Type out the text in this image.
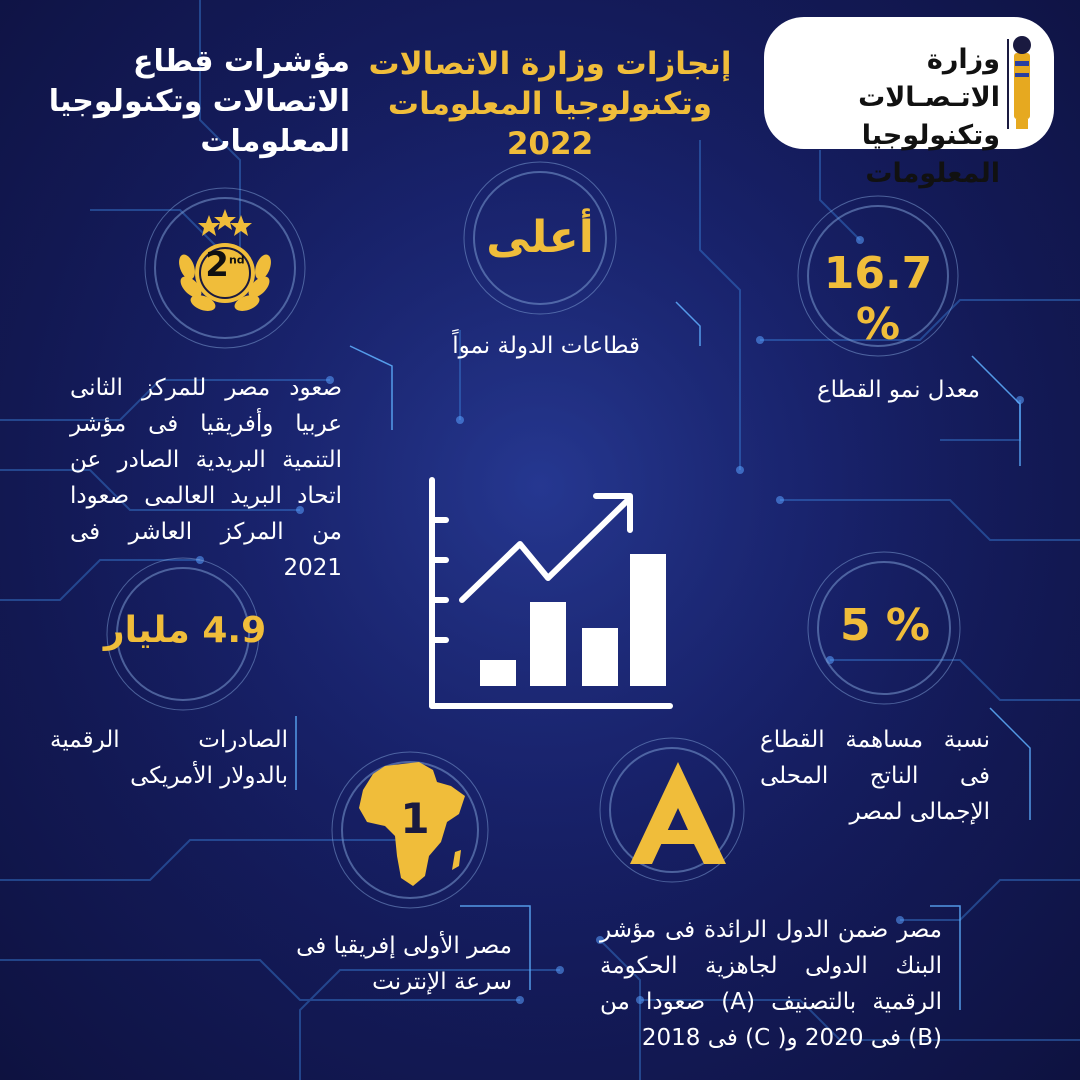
مؤشرات قطاع الاتصالات وتكنولوجيا المعلومات
إنجازات وزارة الاتصالات
وتكنولوجيا المعلومات 2022
وزارة الاتـصـالات
وتكنولوجيا المعلومات
16.7 %
معدل نمو القطاع
أعلى
قطاعات الدولة نمواً
2nd
صعود مصر للمركز الثانى عربيا وأفريقيا فى مؤشر التنمية البريدية الصادر عن اتحاد البريد العالمى صعودا من المركز العاشر فى 2021
4.9 مليار
الصادرات الرقمية بالدولار الأمريكى
5 %
نسبة مساهمة القطاع فى الناتج المحلى الإجمالى لمصر
1
مصر الأولى إفريقيا فى سرعة الإنترنت
مصر ضمن الدول الرائدة فى مؤشر البنك الدولى لجاهزية الحكومة الرقمية بالتصنيف (A) صعودا من (B) فى 2020 و( C) فى 2018
